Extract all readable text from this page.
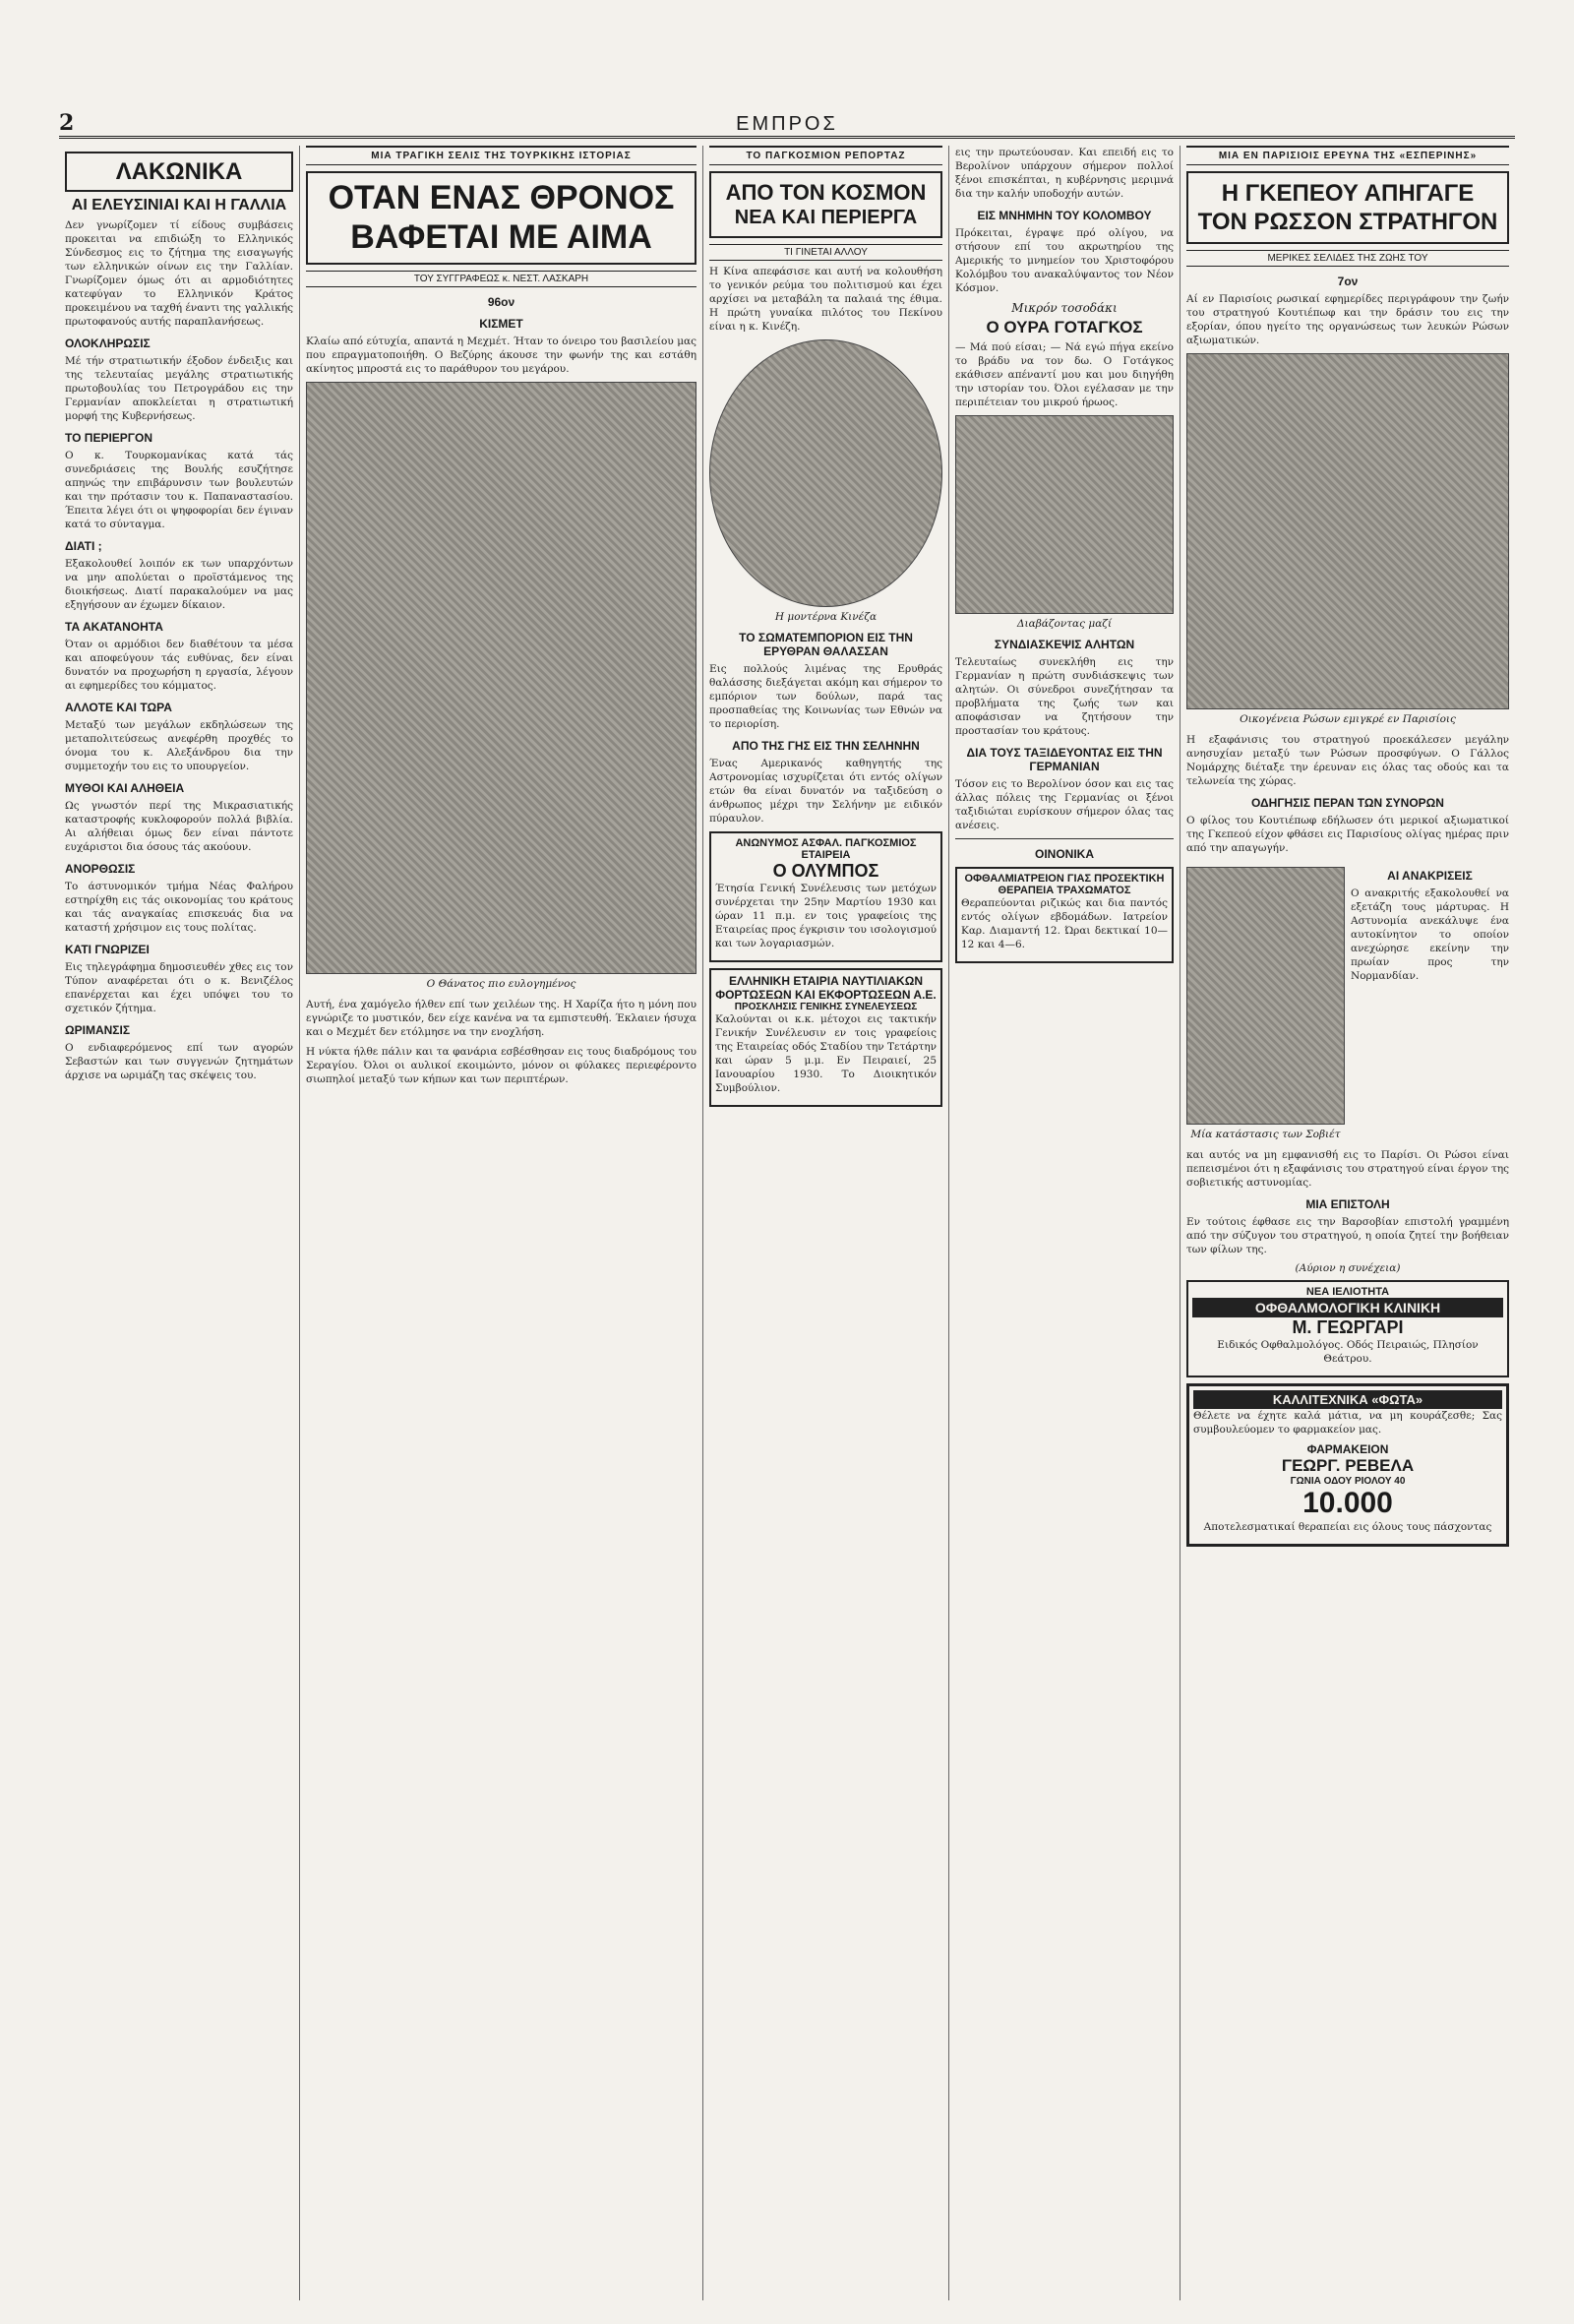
2	ΕΜΠΡΟΣ
ΛΑΚΩΝΙΚΑ
ΑΙ ΕΛΕΥΣΙΝΙΑΙ ΚΑΙ Η ΓΑΛΛΙΑ

Δεν γνωρίζομεν τί είδους συμβάσεις προκειται να επιδιώξη το Ελληνικός Σύνδεσμος εις το ζήτημα της εισαγωγής των ελληνικών οίνων εις την Γαλλίαν. Γνωρίζομεν όμως ότι αι αρμοδιότητες κατεφύγαν το Ελληνικόν Κράτος προκειμένου να ταχθή έναντι της γαλλικής πρωτοφανούς αυτής παραπλανήσεως.

ΟΛΟΚΛΗΡΩΣΙΣ

Μέ τήν στρατιωτικήν έξοδον ένδειξις και της τελευταίας μεγάλης στρατιωτικής πρωτοβουλίας του Πετρογράδου εις την Γερμανίαν αποκλείεται η στρατιωτική μορφή της Κυβερνήσεως.

ΤΟ ΠΕΡΙΕΡΓΟΝ

Ο κ. Τουρκομανίκας κατά τάς συνεδριάσεις της Βουλής εσυζήτησε απηνώς την επιβάρυνσιν των βουλευτών και την πρότασιν του κ. Παπαναστασίου. Έπειτα λέγει ότι οι ψηφοφορίαι δεν έγιναν κατά το σύνταγμα.

ΔΙΑΤΙ ;

Εξακολουθεί λοιπόν εκ των υπαρχόντων να μην απολύεται ο προϊστάμενος της διοικήσεως. Διατί παρακαλούμεν να μας εξηγήσουν αν έχωμεν δίκαιον.

ΤΑ ΑΚΑΤΑΝΟΗΤΑ

Όταν οι αρμόδιοι δεν διαθέτουν τα μέσα και αποφεύγουν τάς ευθύνας, δεν είναι δυνατόν να προχωρήση η εργασία, λέγουν αι εφημερίδες του κόμματος.

ΑΛΛΟΤΕ ΚΑΙ ΤΩΡΑ

Μεταξύ των μεγάλων εκδηλώσεων της μεταπολιτεύσεως ανεφέρθη προχθές το όνομα του κ. Αλεξάνδρου δια την συμμετοχήν του εις το υπουργείον.

ΜΥΘΟΙ ΚΑΙ ΑΛΗΘΕΙΑ

Ως γνωστόν περί της Μικρασιατικής καταστροφής κυκλοφορούν πολλά βιβλία. Αι αλήθειαι όμως δεν είναι πάντοτε ευχάριστοι δια όσους τάς ακούουν.

ΑΝΟΡΘΩΣΙΣ

Το άστυνομικόν τμήμα Νέας Φαλήρου εστηρίχθη εις τάς οικονομίας του κράτους και τάς αναγκαίας επισκευάς δια να καταστή χρήσιμον εις τους πολίτας.

ΚΑΤΙ ΓΝΩΡΙΖΕΙ

Εις τηλεγράφημα δημοσιευθέν χθες εις τον Τύπον αναφέρεται ότι ο κ. Βενιζέλος επανέρχεται και έχει υπόψει του το σχετικόν ζήτημα.

ΩΡΙΜΑΝΣΙΣ

Ο ενδιαφερόμενος επί των αγορών Σεβαστών και των συγγενών ζητημάτων άρχισε να ωριμάζη τας σκέψεις του.

ΜΙΑ ΤΡΑΓΙΚΗ ΣΕΛΙΣ ΤΗΣ ΤΟΥΡΚΙΚΗΣ ΙΣΤΟΡΙΑΣ
ΟΤΑΝ ΕΝΑΣ ΘΡΟΝΟΣ
ΒΑΦΕΤΑΙ ΜΕ ΑΙΜΑ
ΤΟΥ ΣΥΓΓΡΑΦΕΩΣ κ. ΝΕΣΤ. ΛΑΣΚΑΡΗ
96ον
ΚΙΣΜΕΤ

Κλαίω από εύτυχία, απαντά η Μεχμέτ. Ήταν το όνειρο του βασιλείου μας που επραγματοποιήθη. Ο Βεζύρης άκουσε την φωνήν της και εστάθη ακίνητος μπροστά εις το παράθυρον του μεγάρου.

Ο Θάνατος πιο ευλογημένος

Αυτή, ένα χαμόγελο ήλθεν επί των χειλέων της. Η Χαρίζα ήτο η μόνη που εγνώριζε το μυστικόν, δεν είχε κανένα να τα εμπιστευθή. Έκλαιεν ήσυχα και ο Μεχμέτ δεν ετόλμησε να την ενοχλήση.

Η νύκτα ήλθε πάλιν και τα φανάρια εσβέσθησαν εις τους διαδρόμους του Σεραγίου. Όλοι οι αυλικοί εκοιμώντο, μόνον οι φύλακες περιεφέροντο σιωπηλοί μεταξύ των κήπων και των περιπτέρων.

ΤΟ ΠΑΓΚΟΣΜΙΟΝ ΡΕΠΟΡΤΑΖ
ΑΠΟ ΤΟΝ ΚΟΣΜΟΝ
ΝΕΑ ΚΑΙ ΠΕΡΙΕΡΓΑ
ΤΙ ΓΙΝΕΤΑΙ ΑΛΛΟΥ

Η Κίνα απεφάσισε και αυτή να κολουθήση το γενικόν ρεύμα του πολιτισμού και έχει αρχίσει να μεταβάλη τα παλαιά της έθιμα. Η πρώτη γυναίκα πιλότος του Πεκίνου είναι η κ. Κινέζη.

Η μοντέρνα Κινέζα
ΤΟ ΣΩΜΑΤΕΜΠΟΡΙΟΝ ΕΙΣ ΤΗΝ ΕΡΥΘΡΑΝ ΘΑΛΑΣΣΑΝ

Εις πολλούς λιμένας της Ερυθράς θαλάσσης διεξάγεται ακόμη και σήμερον το εμπόριον των δούλων, παρά τας προσπαθείας της Κοινωνίας των Εθνών να το περιορίση.

ΑΠΟ ΤΗΣ ΓΗΣ ΕΙΣ ΤΗΝ ΣΕΛΗΝΗΝ

Ένας Αμερικανός καθηγητής της Αστρονομίας ισχυρίζεται ότι εντός ολίγων ετών θα είναι δυνατόν να ταξιδεύση ο άνθρωπος μέχρι την Σελήνην με ειδικόν πύραυλον.

ΑΝΩΝΥΜΟΣ ΑΣΦΑΛ. ΠΑΓΚΟΣΜΙΟΣ ΕΤΑΙΡΕΙΑ
Ο ΟΛΥΜΠΟΣ

Έτησία Γενική Συνέλευσις των μετόχων συνέρχεται την 25ην Μαρτίου 1930 και ώραν 11 π.μ. εν τοις γραφείοις της Εταιρείας προς έγκρισιν του ισολογισμού και των λογαριασμών.

ΕΛΛΗΝΙΚΗ ΕΤΑΙΡΙΑ ΝΑΥΤΙΛΙΑΚΩΝ ΦΟΡΤΩΣΕΩΝ ΚΑΙ ΕΚΦΟΡΤΩΣΕΩΝ Α.Ε.
ΠΡΟΣΚΛΗΣΙΣ ΓΕΝΙΚΗΣ ΣΥΝΕΛΕΥΣΕΩΣ

Καλούνται οι κ.κ. μέτοχοι εις τακτικήν Γενικήν Συνέλευσιν εν τοις γραφείοις της Εταιρείας οδός Σταδίου την Τετάρτην και ώραν 5 μ.μ. Εν Πειραιεί, 25 Ιανουαρίου 1930. Το Διοικητικόν Συμβούλιον.

εις την πρωτεύουσαν. Και επειδή εις το Βερολίνον υπάρχουν σήμερον πολλοί ξένοι επισκέπται, η κυβέρνησις μεριμνά δια την καλήν υποδοχήν αυτών.

ΕΙΣ ΜΝΗΜΗΝ ΤΟΥ ΚΟΛΟΜΒΟΥ

Πρόκειται, έγραψε πρό ολίγου, να στήσουν επί του ακρωτηρίου της Αμερικής το μνημείον του Χριστοφόρου Κολόμβου του ανακαλύψαντος τον Νέον Κόσμον.

Μικρόν τοσοδάκι
Ο ΟΥΡΑ ΓΟΤΑΓΚΟΣ

— Μά πού είσαι; — Νά εγώ πήγα εκείνο το βράδυ να τον δω. Ο Γοτάγκος εκάθισεν απέναντί μου και μου διηγήθη την ιστορίαν του. Όλοι εγέλασαν με την περιπέτειαν του μικρού ήρωος.

Διαβάζοντας μαζί
ΣΥΝΔΙΑΣΚΕΨΙΣ ΑΛΗΤΩΝ

Τελευταίως συνεκλήθη εις την Γερμανίαν η πρώτη συνδιάσκεψις των αλητών. Οι σύνεδροι συνεζήτησαν τα προβλήματα της ζωής των και αποφάσισαν να ζητήσουν την προστασίαν του κράτους.

ΔΙΑ ΤΟΥΣ ΤΑΞΙΔΕΥΟΝΤΑΣ ΕΙΣ ΤΗΝ ΓΕΡΜΑΝΙΑΝ

Τόσον εις το Βερολίνον όσον και εις τας άλλας πόλεις της Γερμανίας οι ξένοι ταξιδιώται ευρίσκουν σήμερον όλας τας ανέσεις.

ΟΙΝΟΝΙΚΑ
ΟΦΘΑΛΜΙΑΤΡΕΙΟΝ ΓΙΑΣ ΠΡΟΣΕΚΤΙΚΗ ΘΕΡΑΠΕΙΑ ΤΡΑΧΩΜΑΤΟΣ

Θεραπεύονται ριζικώς και δια παντός εντός ολίγων εβδομάδων. Ιατρείον Καρ. Διαμαντή 12. Ώραι δεκτικαί 10—12 και 4—6.

ΜΙΑ ΕΝ ΠΑΡΙΣΙΟΙΣ ΕΡΕΥΝΑ ΤΗΣ «ΕΣΠΕΡΙΝΗΣ»
Η ΓΚΕΠΕΟΥ ΑΠΗΓΑΓΕ
ΤΟΝ ΡΩΣΣΟΝ ΣΤΡΑΤΗΓΟΝ
ΜΕΡΙΚΕΣ ΣΕΛΙΔΕΣ ΤΗΣ ΖΩΗΣ ΤΟΥ
7ον

Αί εν Παρισίοις ρωσικαί εφημερίδες περιγράφουν την ζωήν του στρατηγού Κουτιέπωφ και την δράσιν του εις την εξορίαν, όπου ηγείτο της οργανώσεως των λευκών Ρώσων αξιωματικών.

Οικογένεια Ρώσων εμιγκρέ εν Παρισίοις

Η εξαφάνισις του στρατηγού προεκάλεσεν μεγάλην ανησυχίαν μεταξύ των Ρώσων προσφύγων. Ο Γάλλος Νομάρχης διέταξε την έρευναν εις όλας τας οδούς και τα τελωνεία της χώρας.

ΟΔΗΓΗΣΙΣ ΠΕΡΑΝ ΤΩΝ ΣΥΝΟΡΩΝ

Ο φίλος του Κουτιέπωφ εδήλωσεν ότι μερικοί αξιωματικοί της Γκεπεού είχον φθάσει εις Παρισίους ολίγας ημέρας πριν από την απαγωγήν.

Μία κατάστασις των Σοβιέτ
ΑΙ ΑΝΑΚΡΙΣΕΙΣ

Ο ανακριτής εξακολουθεί να εξετάζη τους μάρτυρας. Η Αστυνομία ανεκάλυψε ένα αυτοκίνητον το οποίον ανεχώρησε εκείνην την πρωίαν προς την Νορμανδίαν.

και αυτός να μη εμφανισθή εις το Παρίσι. Οι Ρώσοι είναι πεπεισμένοι ότι η εξαφάνισις του στρατηγού είναι έργον της σοβιετικής αστυνομίας.

ΜΙΑ ΕΠΙΣΤΟΛΗ

Εν τούτοις έφθασε εις την Βαρσοβίαν επιστολή γραμμένη από την σύζυγον του στρατηγού, η οποία ζητεί την βοήθειαν των φίλων της.

(Αύριον η συνέχεια)
ΝΕΑ ΙΕΛΙΟΤΗΤΑ
ΟΦΘΑΛΜΟΛΟΓΙΚΗ ΚΛΙΝΙΚΗ
Μ. ΓΕΩΡΓΑΡΙ

Ειδικός Οφθαλμολόγος. Οδός Πειραιώς, Πλησίον Θεάτρου.

ΚΑΛΛΙΤΕΧΝΙΚΑ «ΦΩΤΑ»

Θέλετε να έχητε καλά μάτια, να μη κουράζεσθε; Σας συμβουλεύομεν το φαρμακείον μας.

ΦΑΡΜΑΚΕΙΟΝ
ΓΕΩΡΓ. ΡΕΒΕΛΑ
ΓΩΝΙΑ ΟΔΟΥ ΡΙΟΛΟΥ 40
10.000

Αποτελεσματικαί θεραπείαι εις όλους τους πάσχοντας
